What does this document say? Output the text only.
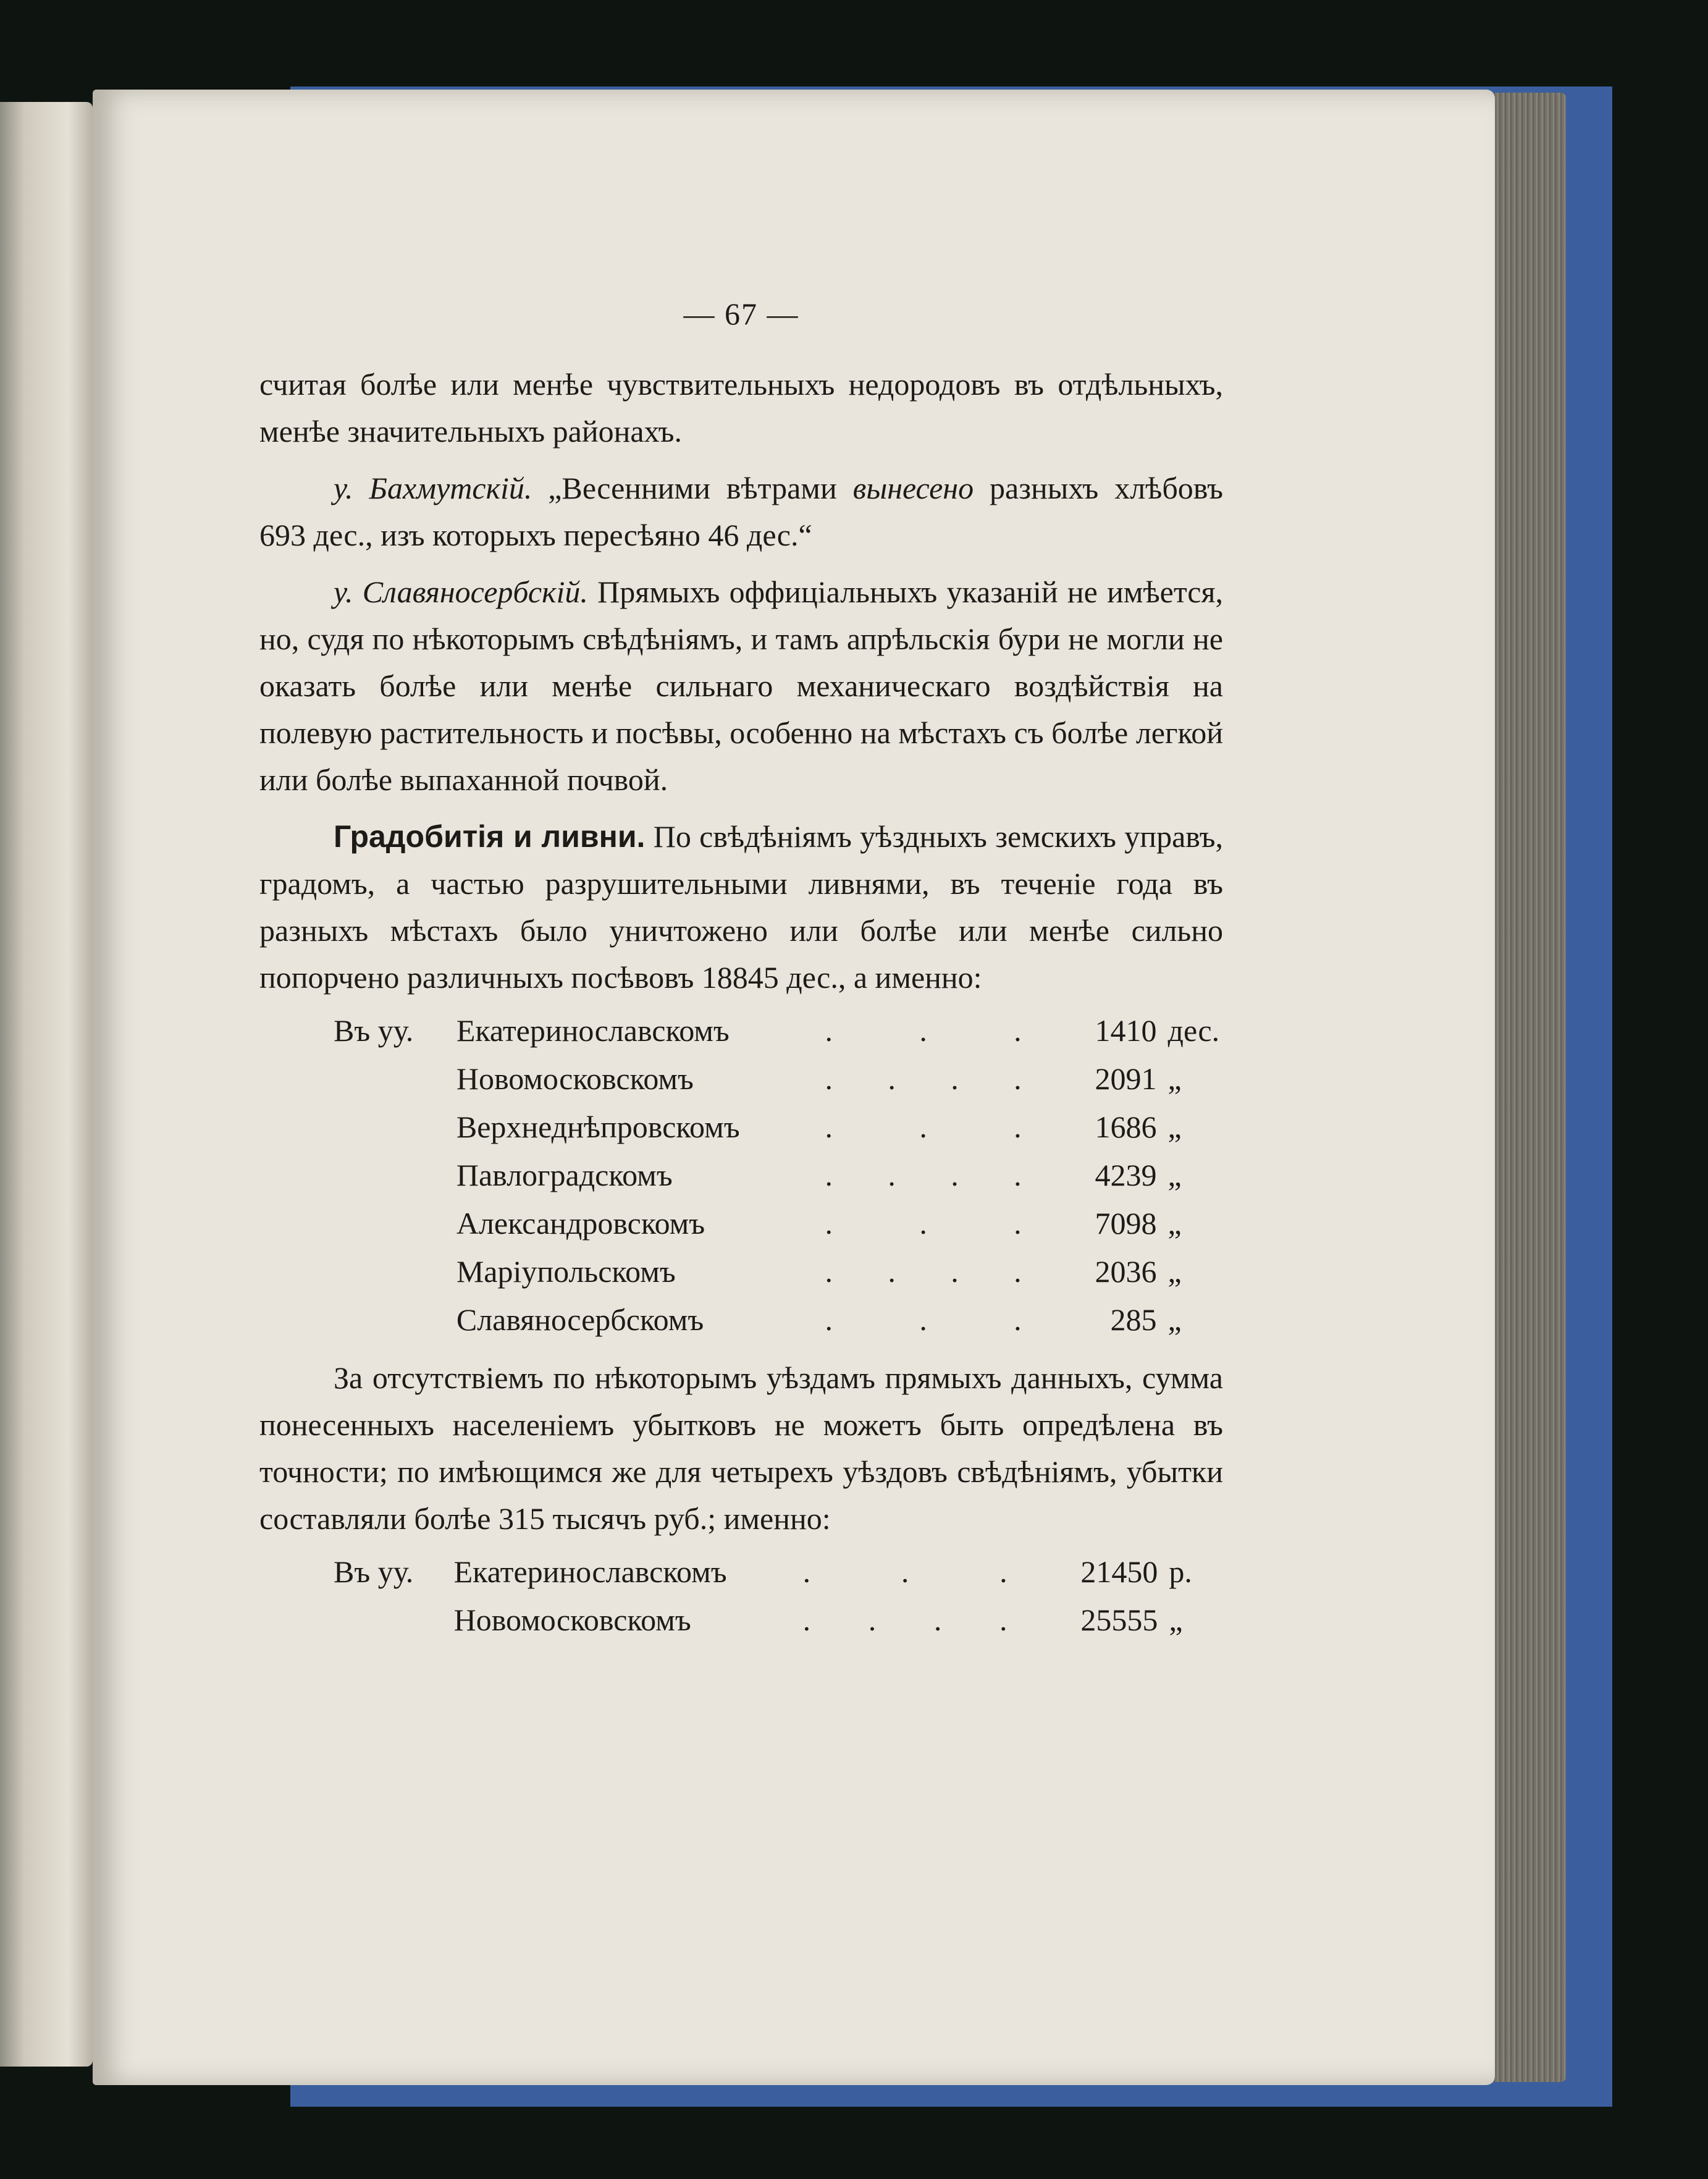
— 67 —

считая болѣе или менѣе чувствительныхъ недородовъ въ отдѣльныхъ, менѣе значительныхъ районахъ.

у. Бахмутскій. „Весенними вѣтрами вынесено разныхъ хлѣбовъ 693 дес., изъ которыхъ пересѣяно 46 дес.“

у. Славяносербскій. Прямыхъ оффиціальныхъ указаній не имѣется, но, судя по нѣкоторымъ свѣдѣніямъ, и тамъ апрѣльскія бури не могли не оказать болѣе или менѣе сильнаго механическаго воздѣйствія на полевую растительность и посѣвы, особенно на мѣстахъ съ болѣе легкой или болѣе выпаханной почвой.

Градобитія и ливни. По свѣдѣніямъ уѣздныхъ земскихъ управъ, градомъ, а частью разрушительными ливнями, въ теченіе года въ разныхъ мѣстахъ было уничтожено или болѣе или менѣе сильно попорчено различныхъ посѣвовъ 18845 дес., а именно:

Въ уу.	Екатеринославскомъ	.	.	.	1410 дес.
Новомосковскомъ	. . . .	2091 „
Верхнеднѣпровскомъ	.	.	.	1686 „
Павлоградскомъ	. . . .	4239 „
Александровскомъ	.	.	.	7098 „
Маріупольскомъ	. . . .	2036 „
Славяносербскомъ	.	.	.	285 „

За отсутствіемъ по нѣкоторымъ уѣздамъ прямыхъ данныхъ, сумма понесенныхъ населеніемъ убытковъ не можетъ быть опредѣлена въ точности; по имѣющимся же для четырехъ уѣздовъ свѣдѣніямъ, убытки составляли болѣе 315 тысячъ руб.; именно:

Въ уу.	Екатеринославскомъ	.	.	.	21450 р.
Новомосковскомъ	. . . .	25555 „
